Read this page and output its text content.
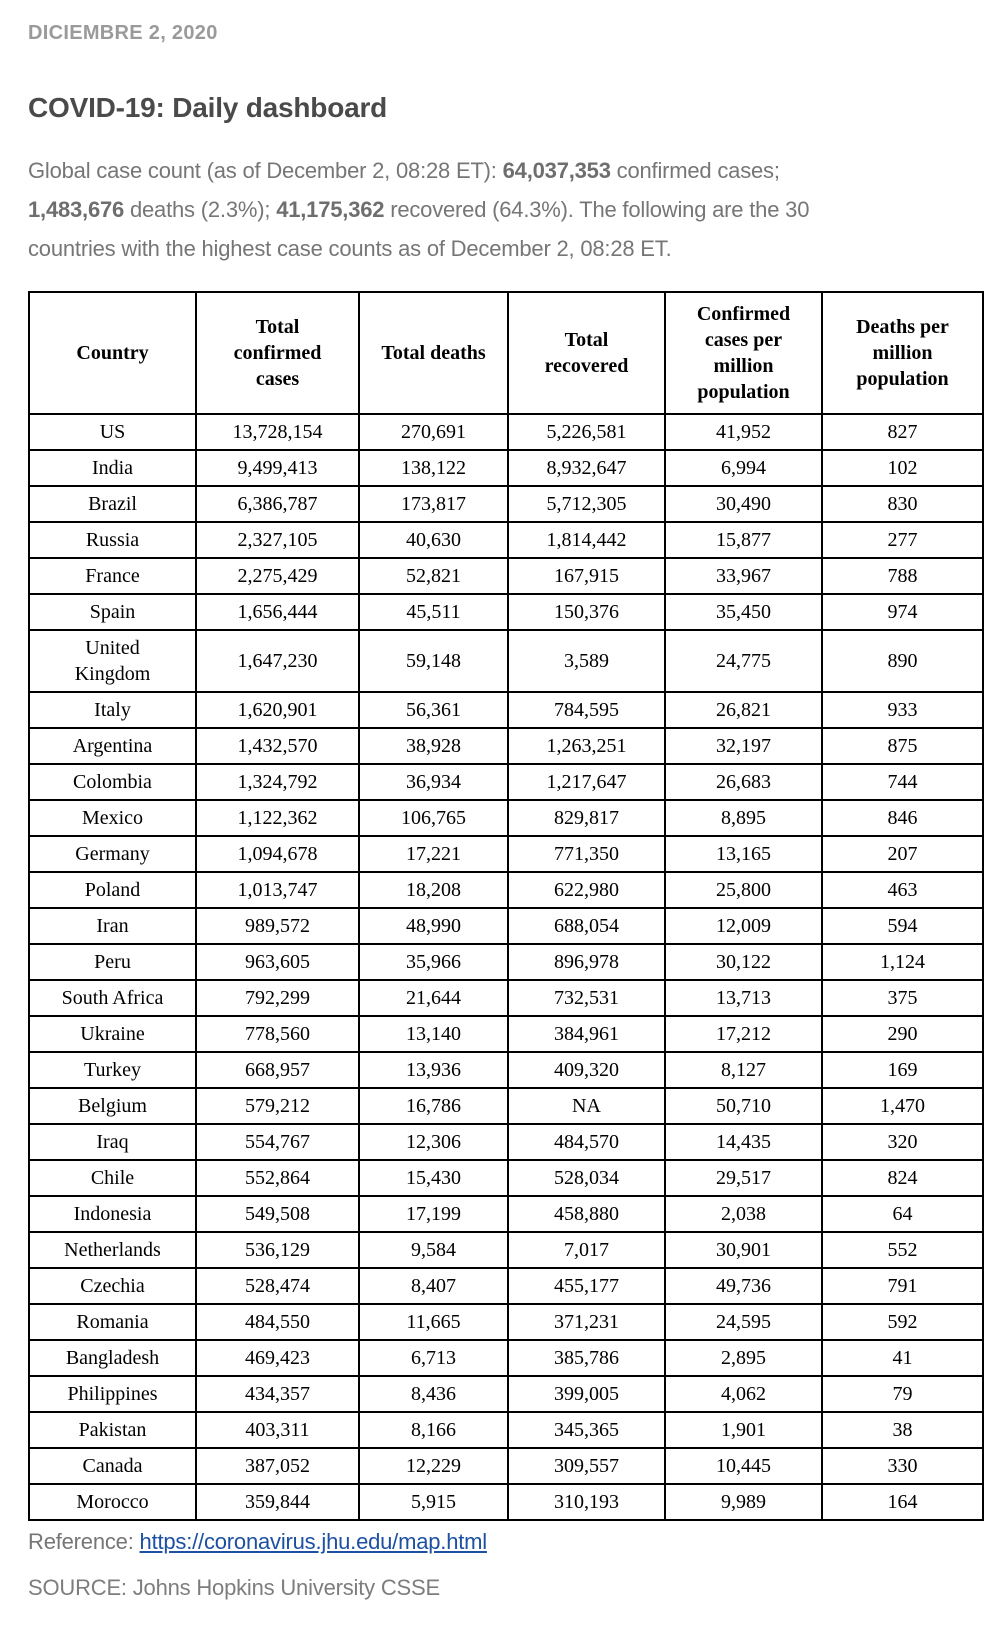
DICIEMBRE 2, 2020
COVID-19: Daily dashboard

Global case count (as of December 2, 08:28 ET): 64,037,353 confirmed cases;
1,483,676 deaths (2.3%); 41,175,362 recovered (64.3%). The following are the 30
countries with the highest case counts as of December 2, 08:28 ET.

Country	Total confirmed cases	Total deaths	Total recovered	Confirmed cases per million population	Deaths per million population
US	13,728,154	270,691	5,226,581	41,952	827
India	9,499,413	138,122	8,932,647	6,994	102
Brazil	6,386,787	173,817	5,712,305	30,490	830
Russia	2,327,105	40,630	1,814,442	15,877	277
France	2,275,429	52,821	167,915	33,967	788
Spain	1,656,444	45,511	150,376	35,450	974
United Kingdom	1,647,230	59,148	3,589	24,775	890
Italy	1,620,901	56,361	784,595	26,821	933
Argentina	1,432,570	38,928	1,263,251	32,197	875
Colombia	1,324,792	36,934	1,217,647	26,683	744
Mexico	1,122,362	106,765	829,817	8,895	846
Germany	1,094,678	17,221	771,350	13,165	207
Poland	1,013,747	18,208	622,980	25,800	463
Iran	989,572	48,990	688,054	12,009	594
Peru	963,605	35,966	896,978	30,122	1,124
South Africa	792,299	21,644	732,531	13,713	375
Ukraine	778,560	13,140	384,961	17,212	290
Turkey	668,957	13,936	409,320	8,127	169
Belgium	579,212	16,786	NA	50,710	1,470
Iraq	554,767	12,306	484,570	14,435	320
Chile	552,864	15,430	528,034	29,517	824
Indonesia	549,508	17,199	458,880	2,038	64
Netherlands	536,129	9,584	7,017	30,901	552
Czechia	528,474	8,407	455,177	49,736	791
Romania	484,550	11,665	371,231	24,595	592
Bangladesh	469,423	6,713	385,786	2,895	41
Philippines	434,357	8,436	399,005	4,062	79
Pakistan	403,311	8,166	345,365	1,901	38
Canada	387,052	12,229	309,557	10,445	330
Morocco	359,844	5,915	310,193	9,989	164

Reference: https://coronavirus.jhu.edu/map.html

SOURCE: Johns Hopkins University CSSE
